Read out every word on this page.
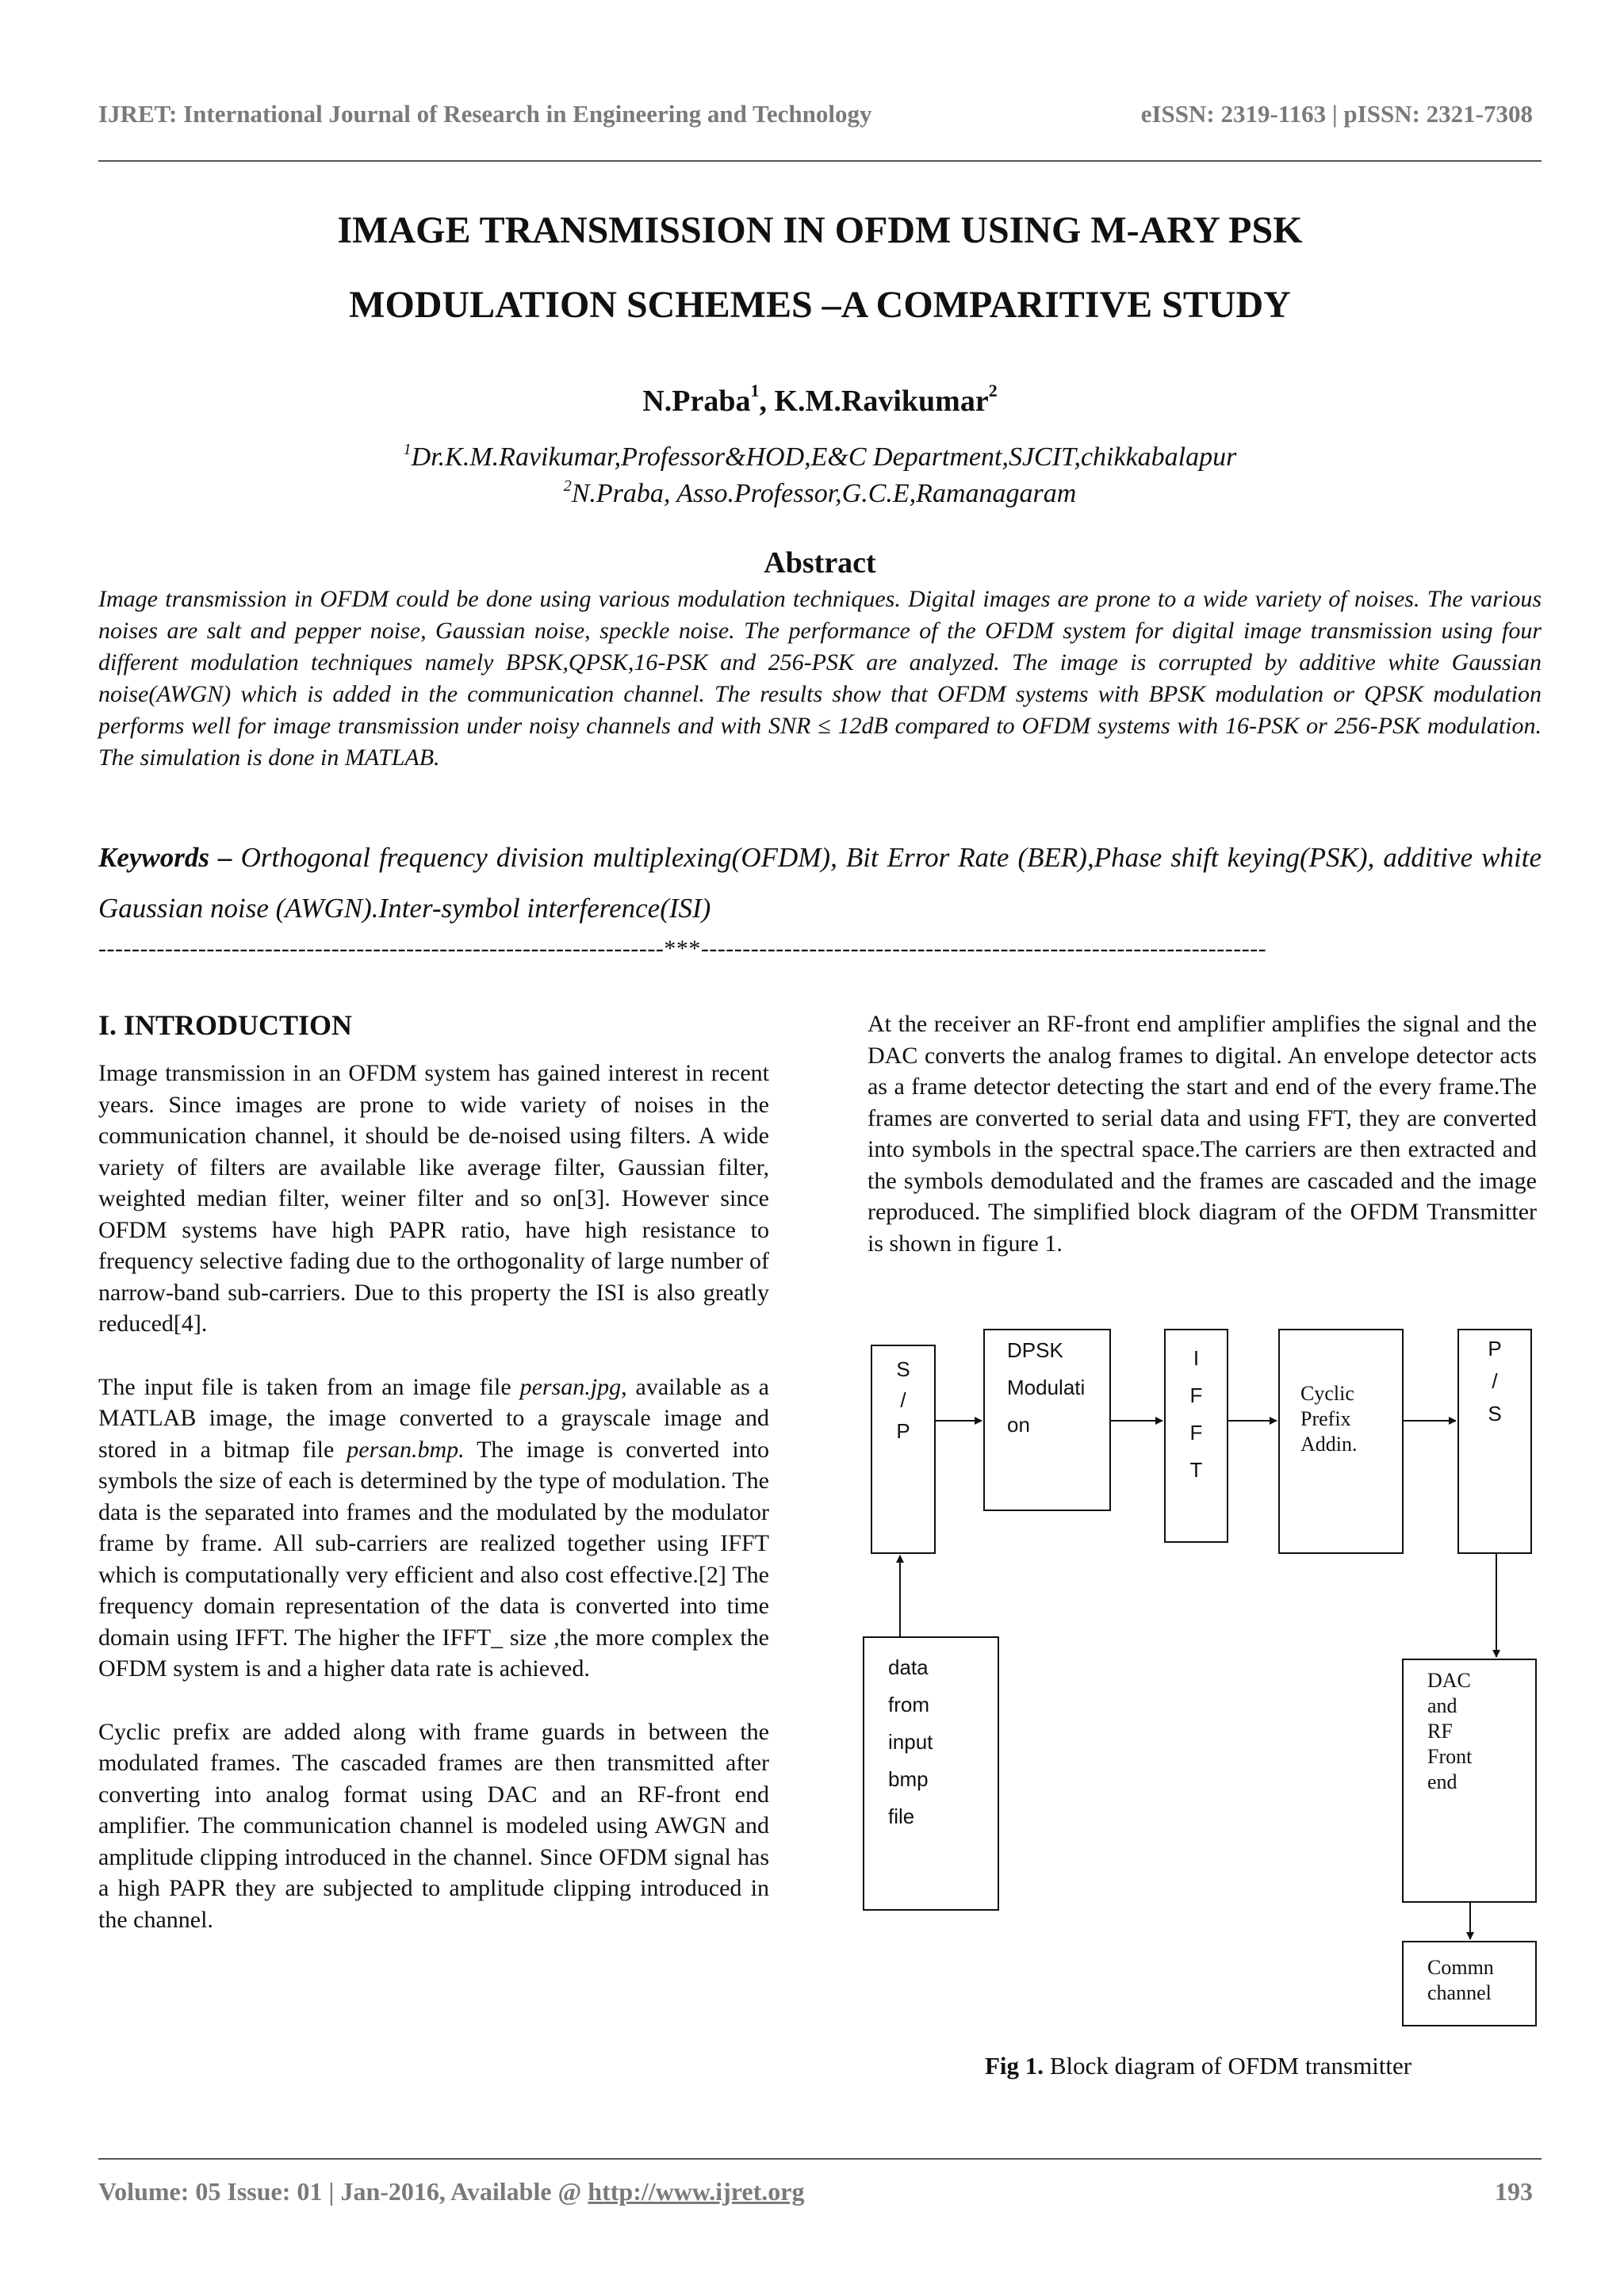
IJRET: International Journal of Research in Engineering and Technology	eISSN: 2319-1163 | pISSN: 2321-7308
IMAGE TRANSMISSION IN OFDM USING M-ARY PSK
MODULATION SCHEMES –A COMPARITIVE STUDY
N.Praba$^1$, K.M.Ravikumar$^2$
$^1$Dr.K.M.Ravikumar,Professor&HOD,E&C Department,SJCIT,chikkabalapur
$^2$N.Praba, Asso.Professor,G.C.E,Ramanagaram
Abstract
Image transmission in OFDM could be done using various modulation techniques. Digital images are prone to a wide variety of noises. The various noises are salt and pepper noise, Gaussian noise, speckle noise. The performance of the OFDM system for digital image transmission using four different modulation techniques namely BPSK,QPSK,16-PSK and 256-PSK are analyzed. The image is corrupted by additive white Gaussian noise(AWGN) which is added in the communication channel. The results show that OFDM systems with BPSK modulation or QPSK modulation performs well for image transmission under noisy channels and with SNR ≤ 12dB compared to OFDM systems with 16-PSK or 256-PSK modulation. The simulation is done in MATLAB.
Keywords – Orthogonal frequency division multiplexing(OFDM), Bit Error Rate (BER),Phase shift keying(PSK), additive white Gaussian noise (AWGN).Inter-symbol interference(ISI)
--------------------------------------------------------------------***--------------------------------------------------------------------
I. INTRODUCTION

Image transmission in an OFDM system has gained interest in recent years. Since images are prone to wide variety of noises in the communication channel, it should be de-noised using filters. A wide variety of filters are available like average filter, Gaussian filter, weighted median filter, weiner filter and so on[3]. However since OFDM systems have high PAPR ratio, have high resistance to frequency selective fading due to the orthogonality of large number of narrow-band sub-carriers. Due to this property the ISI is also greatly reduced[4].

The input file is taken from an image file persan.jpg, available as a MATLAB image, the image converted to a grayscale image and stored in a bitmap file persan.bmp. The image is converted into symbols the size of each is determined by the type of modulation. The data is the separated into frames and the modulated by the modulator frame by frame. All sub-carriers are realized together using IFFT which is computationally very efficient and also cost effective.[2] The frequency domain representation of the data is converted into time domain using IFFT. The higher the IFFT_ size ,the more complex the OFDM system is and a higher data rate is achieved.

Cyclic prefix are added along with frame guards in between the modulated frames. The cascaded frames are then transmitted after converting into analog format using DAC and an RF-front end amplifier. The communication channel is modeled using AWGN and amplitude clipping introduced in the channel. Since OFDM signal has a high PAPR they are subjected to amplitude clipping introduced in the channel.

At the receiver an RF-front end amplifier amplifies the signal and the DAC converts the analog frames to digital. An envelope detector acts as a frame detector detecting the start and end of the every frame.The frames are converted to serial data and using FFT, they are converted into symbols in the spectral space.The carriers are then extracted and the symbols demodulated and the frames are cascaded and the image reproduced. The simplified block diagram of the OFDM Transmitter is shown in figure 1.

S
/
P
DPSK
Modulati
on
I
F
F
T
Cyclic
Prefix
Addin.
P
/
S
data
from
input
bmp
file
DAC
and
RF
Front
end
Commn
channel
Fig 1. Block diagram of OFDM transmitter
Volume: 05 Issue: 01 | Jan-2016, Available @ http://www.ijret.org	193
